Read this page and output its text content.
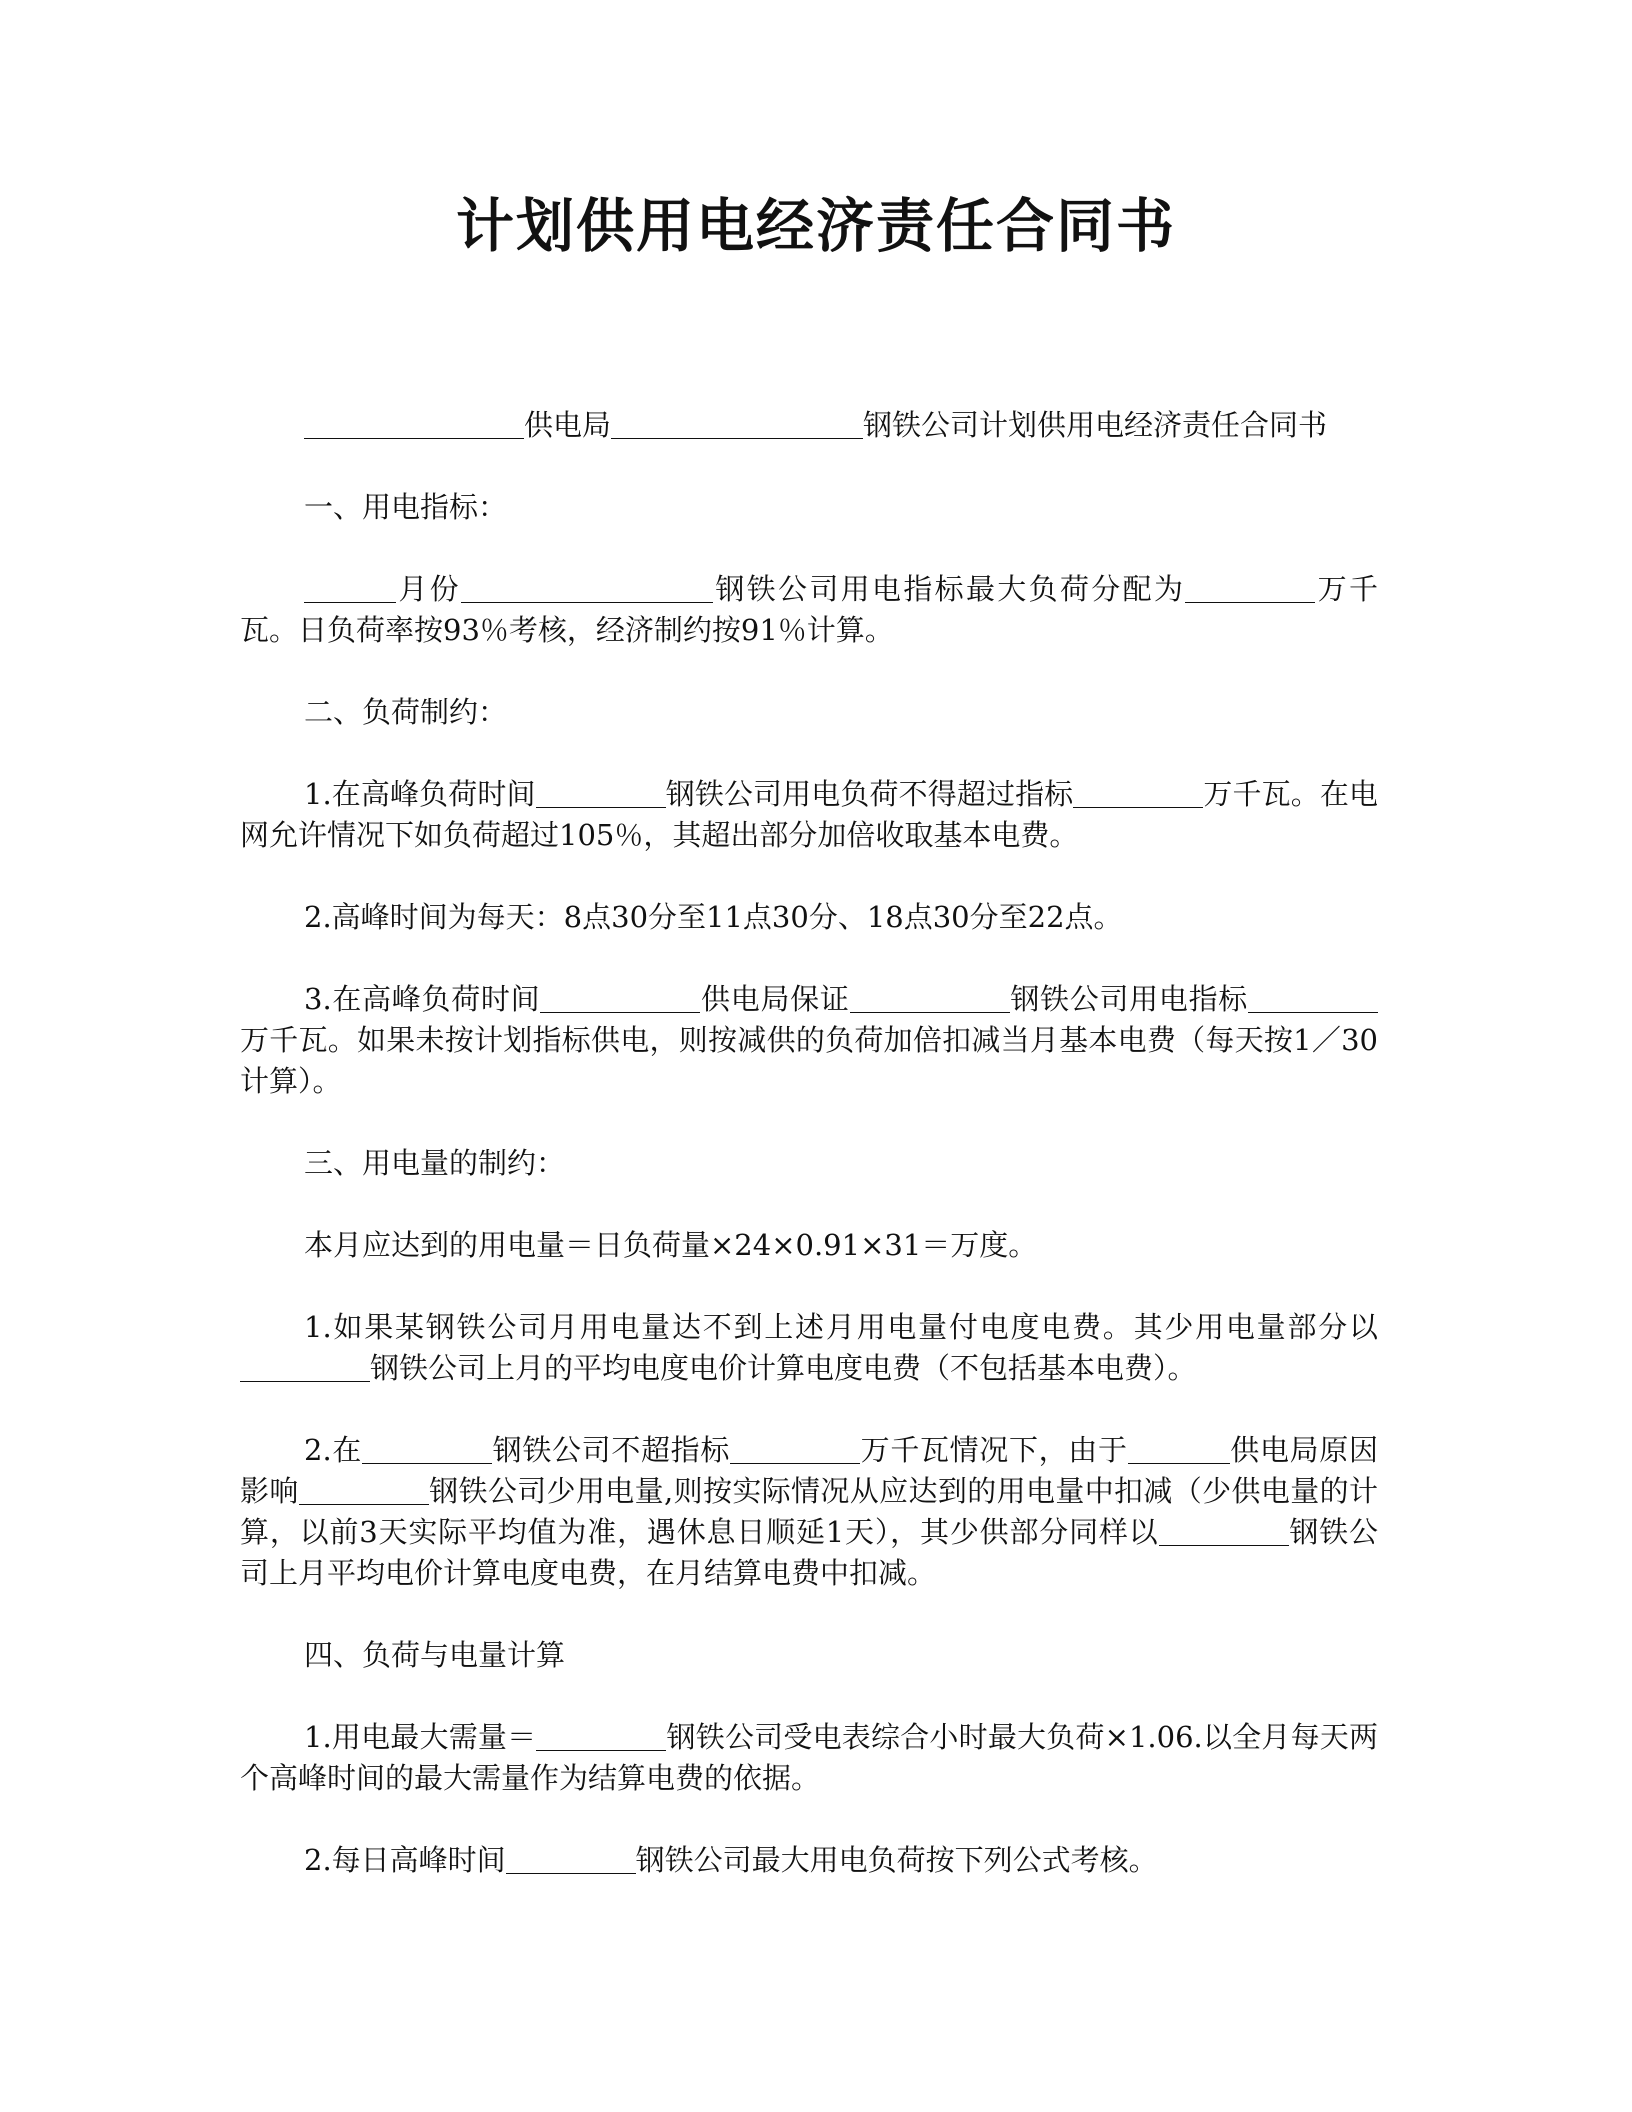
计划供用电经济责任合同书

供电局	钢铁公司计划供用电经济责任合同书

一、用电指标：

月份	钢铁公司用电指标最大负荷分配为	万千瓦。日负荷率按93％考核，经济制约按91％计算。

二、负荷制约：

1.在高峰负荷时间	钢铁公司用电负荷不得超过指标	万千瓦。在电网允许情况下如负荷超过105％，其超出部分加倍收取基本电费。

2.高峰时间为每天：8点30分至11点30分、18点30分至22点。

3.在高峰负荷时间	供电局保证	钢铁公司用电指标万千瓦。如果未按计划指标供电，则按减供的负荷加倍扣减当月基本电费（每天按1／30计算）。

三、用电量的制约：

本月应达到的用电量＝日负荷量×24×0.91×31＝万度。

1.如果某钢铁公司月用电量达不到上述月用电量付电度电费。其少用电量部分以钢铁公司上月的平均电度电价计算电度电费（不包括基本电费）。

2.在	钢铁公司不超指标	万千瓦情况下，由于	供电局原因影响	钢铁公司少用电量,则按实际情况从应达到的用电量中扣减（少供电量的计算，以前3天实际平均值为准，遇休息日顺延1天），其少供部分同样以	钢铁公司上月平均电价计算电度电费，在月结算电费中扣减。

四、负荷与电量计算

1.用电最大需量＝	钢铁公司受电表综合小时最大负荷×1.06.以全月每天两个高峰时间的最大需量作为结算电费的依据。

2.每日高峰时间	钢铁公司最大用电负荷按下列公式考核。
